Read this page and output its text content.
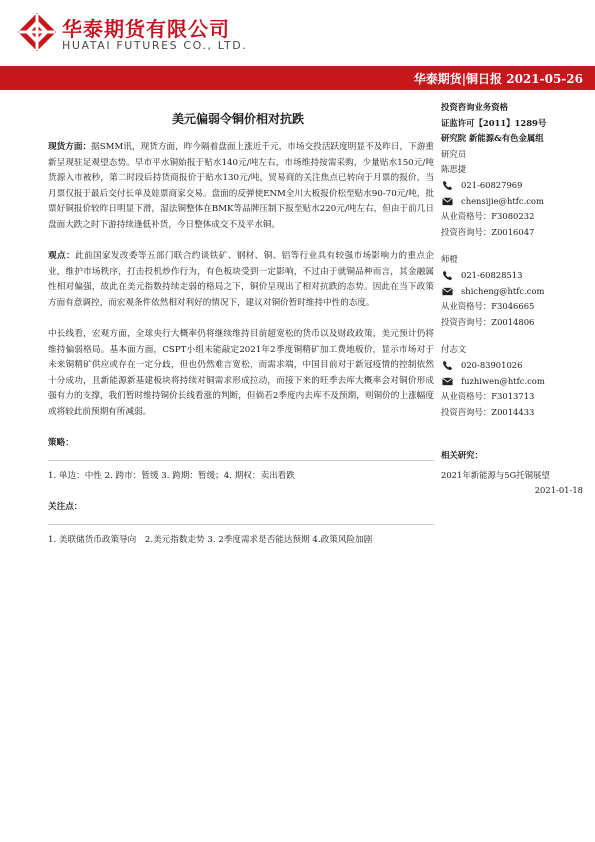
华泰期货有限公司
HUATAI FUTURES CO., LTD.
华泰期货|铜日报 2021-05-26
美元偏弱令铜价相对抗跌

现货方面：据SMM讯，现货方面，昨今隔着盘面上涨近千元，市场交投活跃度明显不及昨日，下游重新呈现驻足观望态势。早市平水铜始报于贴水140元/吨左右，市场维持按需采购，少量贴水150元/吨货源入市被秒，第二时段后持货商报价于贴水130元/吨，贸易商的关注焦点已转向于月票的报价，当月票仅报于最后交付长单及娃票商家交易。盘面的反弹使ENM全川大板报价松至贴水90-70元/吨，批票好铜报价较昨日明显下滑，湿法铜整体在BMK等品牌压制下报至贴水220元/吨左右，但由于前几日盘面大跌之时下游持续逢低补货，今日整体成交不及平水铜。

观点：此前国家发改委等五部门联合约谈铁矿、钢材、铜、铝等行业具有较强市场影响力的重点企业，维护市场秩序，打击投机炒作行为，有色板块受到一定影响，不过由于就铜品种而言，其金融属性相对偏强，故此在美元指数持续走弱的格局之下，铜价呈现出了相对抗跌的态势。因此在当下政策方面有意调控，而宏观条件依然相对利好的情况下，建议对铜价暂时维持中性的态度。

中长线看，宏观方面，全球央行大概率仍将继续维持目前超宽松的货币以及财政政策，美元预计仍将维持偏弱格局。基本面方面，CSPT小组未能敲定2021年2季度铜精矿加工费地板价，显示市场对于未来铜精矿供应或存在一定分歧，但也仍然难言宽松，而需求端，中国目前对于新冠疫情的控制依然十分成功，且新能源新基建板块将持续对铜需求形成拉动，而接下来的旺季去库大概率会对铜价形成强有力的支撑，我们暂时维持铜价长线看涨的判断，但倘若2季度内去库不及预期，则铜价的上涨幅度或将较此前预期有所减弱。

策略：

1. 单边：中性 2. 跨市：暂缓 3. 跨期：暂缓；4. 期权：卖出看跌

关注点：

1. 美联储货币政策导向　2.美元指数走势 3. 2季度需求是否能达预期 4.政策风险加剧

投资咨询业务资格
证监许可【2011】1289号
研究院 新能源&有色金属组
研究员
陈思捷
021-60827969
chensijie@htfc.com
从业资格号：F3080232
投资咨询号：Z0016047
师橙
021-60828513
shicheng@htfc.com
从业资格号：F3046665
投资咨询号：Z0014806
付志文
020-83901026
fuzhiwen@htfc.com
从业资格号：F3013713
投资咨询号：Z0014433
相关研究：
2021年新能源与5G托铜展望
2021-01-18
